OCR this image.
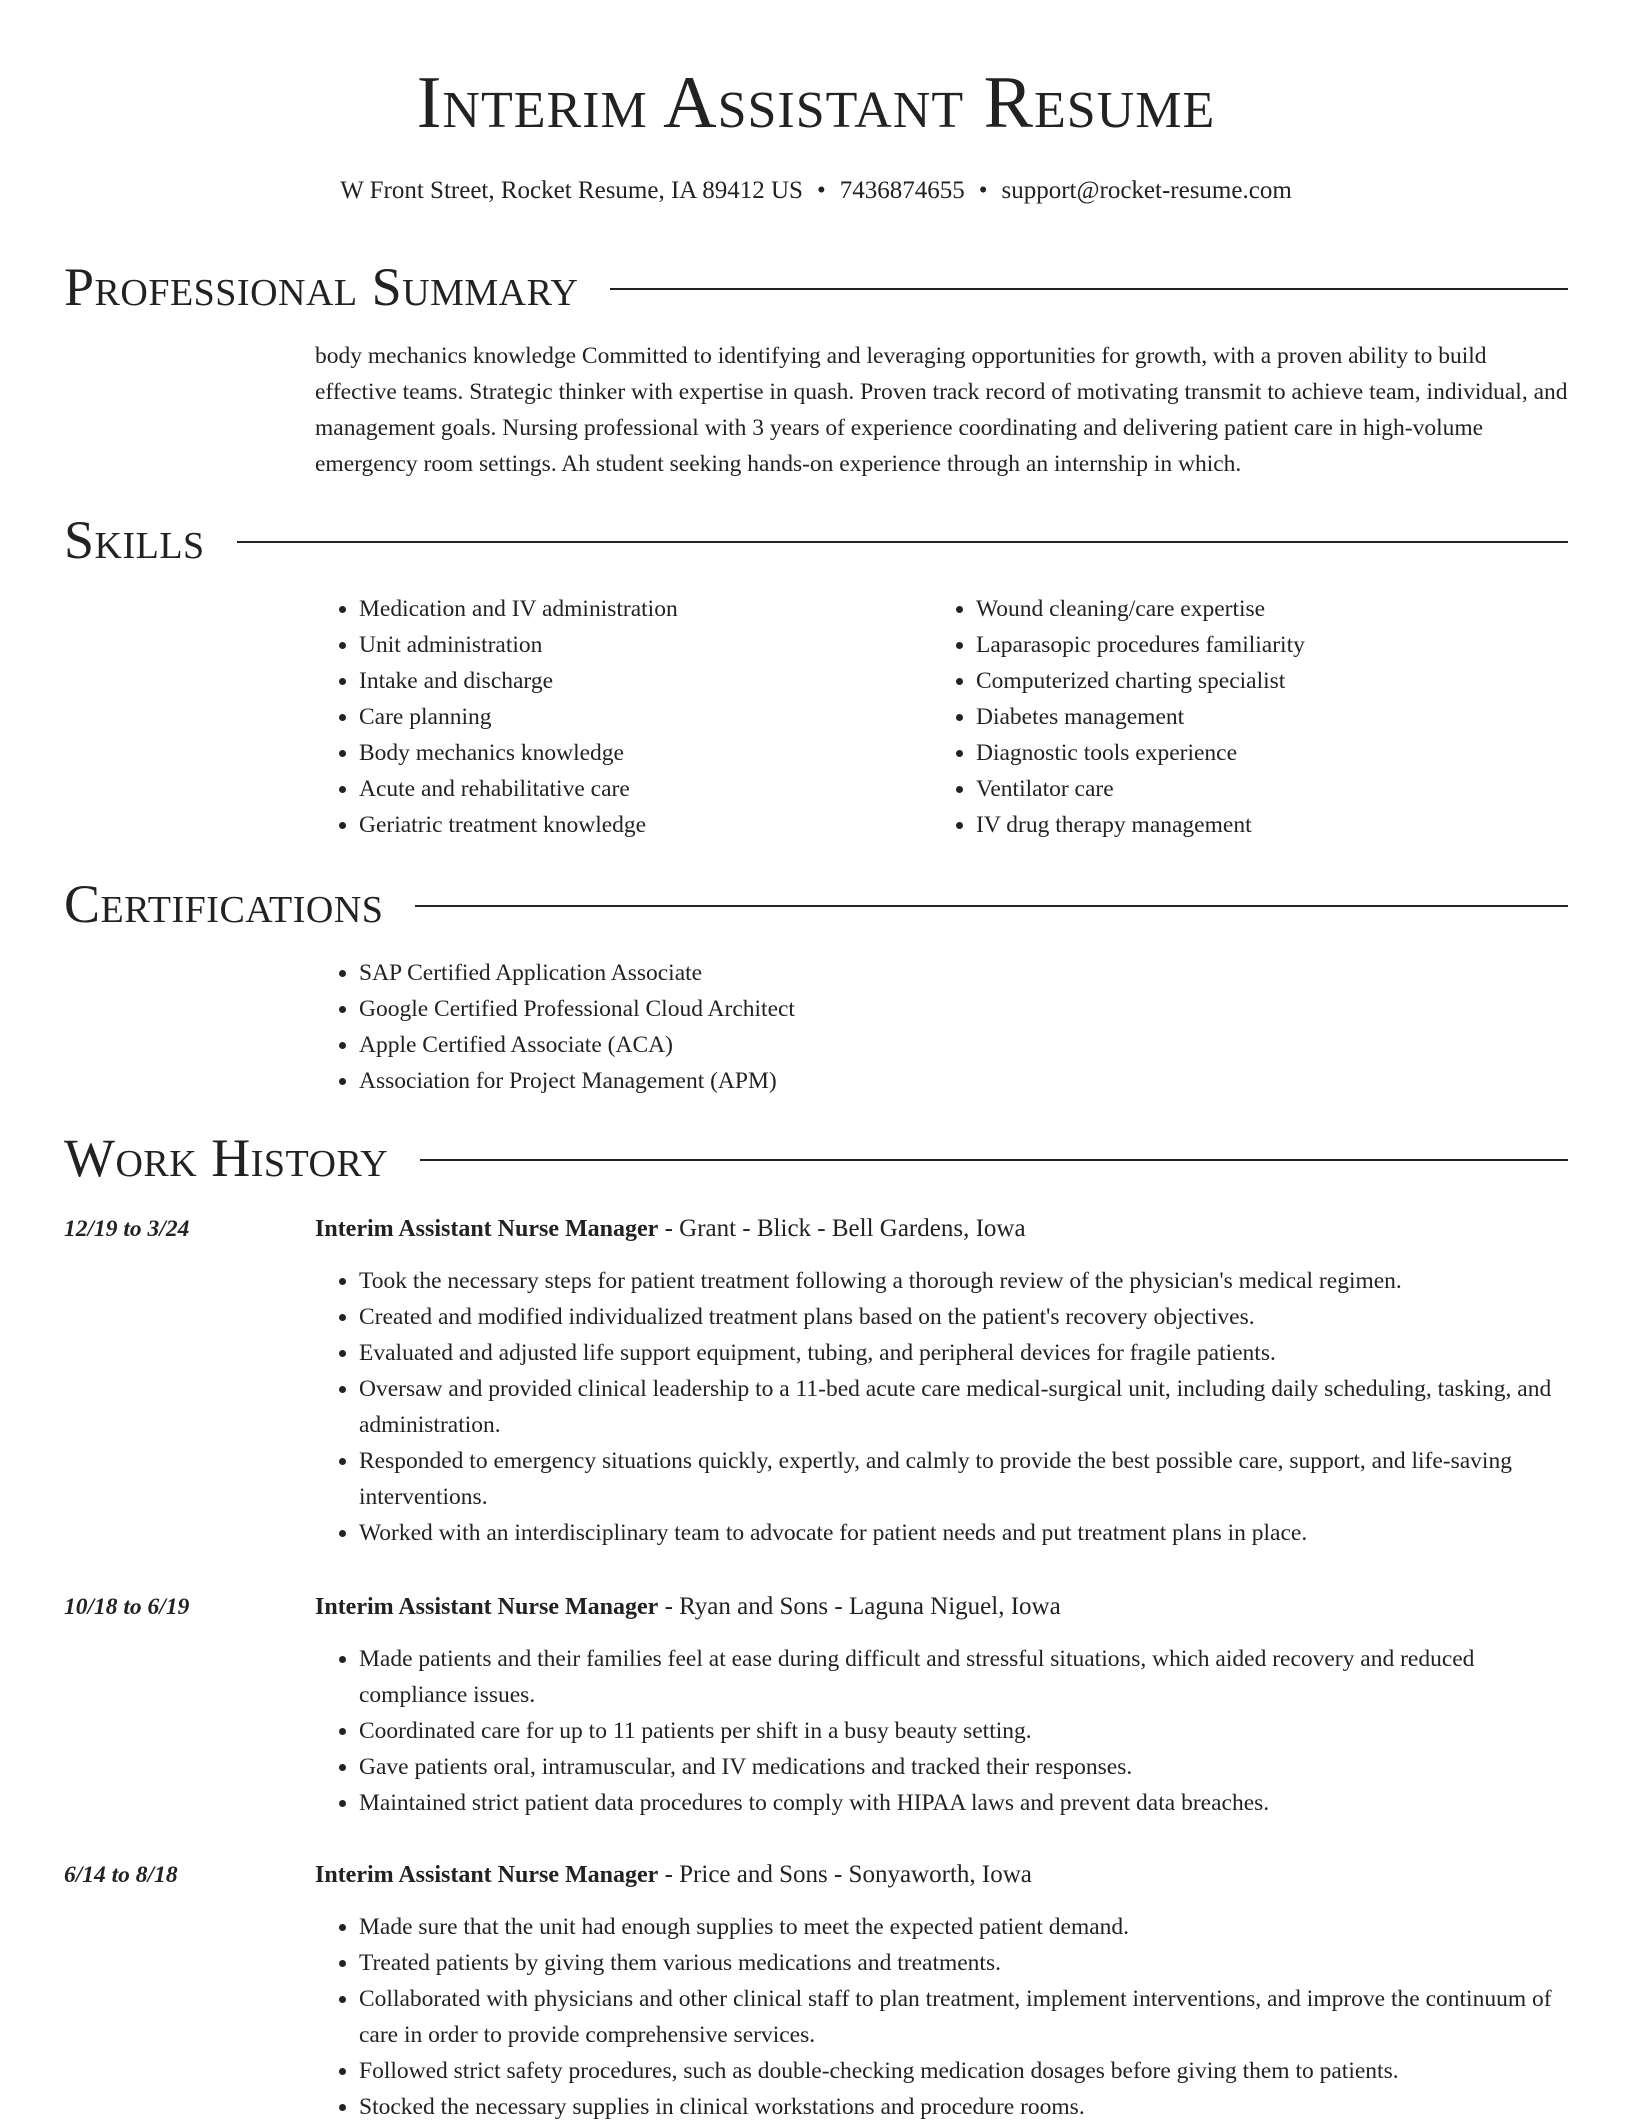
Interim Assistant Resume
W Front Street, Rocket Resume, IA 89412 US • 7436874655 • support@rocket-resume.com
Professional Summary

body mechanics knowledge Committed to identifying and leveraging opportunities for growth, with a proven ability to build effective teams. Strategic thinker with expertise in quash. Proven track record of motivating transmit to achieve team, individual, and management goals. Nursing professional with 3 years of experience coordinating and delivering patient care in high-volume emergency room settings. Ah student seeking hands-on experience through an internship in which.

Skills
• Medication and IV administration
• Unit administration
• Intake and discharge
• Care planning
• Body mechanics knowledge
• Acute and rehabilitative care
• Geriatric treatment knowledge
• Wound cleaning/care expertise
• Laparasopic procedures familiarity
• Computerized charting specialist
• Diabetes management
• Diagnostic tools experience
• Ventilator care
• IV drug therapy management
Certifications
• SAP Certified Application Associate
• Google Certified Professional Cloud Architect
• Apple Certified Associate (ACA)
• Association for Project Management (APM)
Work History
12/19 to 3/24	Interim Assistant Nurse Manager - Grant - Blick - Bell Gardens, Iowa
• Took the necessary steps for patient treatment following a thorough review of the physician's medical regimen.
• Created and modified individualized treatment plans based on the patient's recovery objectives.
• Evaluated and adjusted life support equipment, tubing, and peripheral devices for fragile patients.
• Oversaw and provided clinical leadership to a 11-bed acute care medical-surgical unit, including daily scheduling, tasking, and administration.
• Responded to emergency situations quickly, expertly, and calmly to provide the best possible care, support, and life-saving interventions.
• Worked with an interdisciplinary team to advocate for patient needs and put treatment plans in place.
10/18 to 6/19	Interim Assistant Nurse Manager - Ryan and Sons - Laguna Niguel, Iowa
• Made patients and their families feel at ease during difficult and stressful situations, which aided recovery and reduced compliance issues.
• Coordinated care for up to 11 patients per shift in a busy beauty setting.
• Gave patients oral, intramuscular, and IV medications and tracked their responses.
• Maintained strict patient data procedures to comply with HIPAA laws and prevent data breaches.
6/14 to 8/18	Interim Assistant Nurse Manager - Price and Sons - Sonyaworth, Iowa
• Made sure that the unit had enough supplies to meet the expected patient demand.
• Treated patients by giving them various medications and treatments.
• Collaborated with physicians and other clinical staff to plan treatment, implement interventions, and improve the continuum of care in order to provide comprehensive services.
• Followed strict safety procedures, such as double-checking medication dosages before giving them to patients.
• Stocked the necessary supplies in clinical workstations and procedure rooms.
